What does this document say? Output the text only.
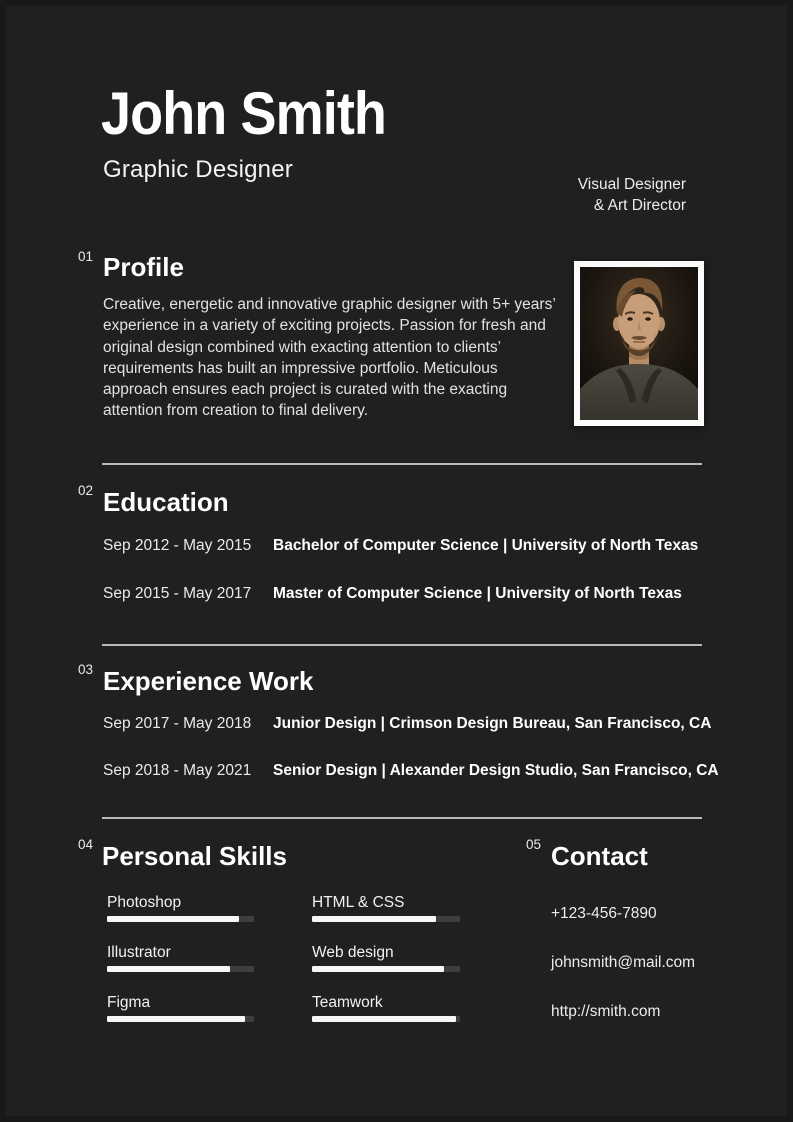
John Smith
Graphic Designer
Visual Designer
& Art Director
01 Profile

Creative, energetic and innovative graphic designer with 5+ years’ experience in a variety of exciting projects. Passion for fresh and original design combined with exacting attention to clients’ requirements has built an impressive portfolio. Meticulous approach ensures each project is curated with the exacting attention from creation to final delivery.

02 Education
Sep 2012 - May 2015	Bachelor of Computer Science | University of North Texas
Sep 2015 - May 2017	Master of Computer Science | University of North Texas
03 Experience Work
Sep 2017 - May 2018	Junior Design | Crimson Design Bureau, San Francisco, CA
Sep 2018 - May 2021	Senior Design | Alexander Design Studio, San Francisco, CA
04 Personal Skills
Photoshop	HTML & CSS
Illustrator	Web design
Figma	Teamwork
05 Contact
+123-456-7890
johnsmith@mail.com
http://smith.com
